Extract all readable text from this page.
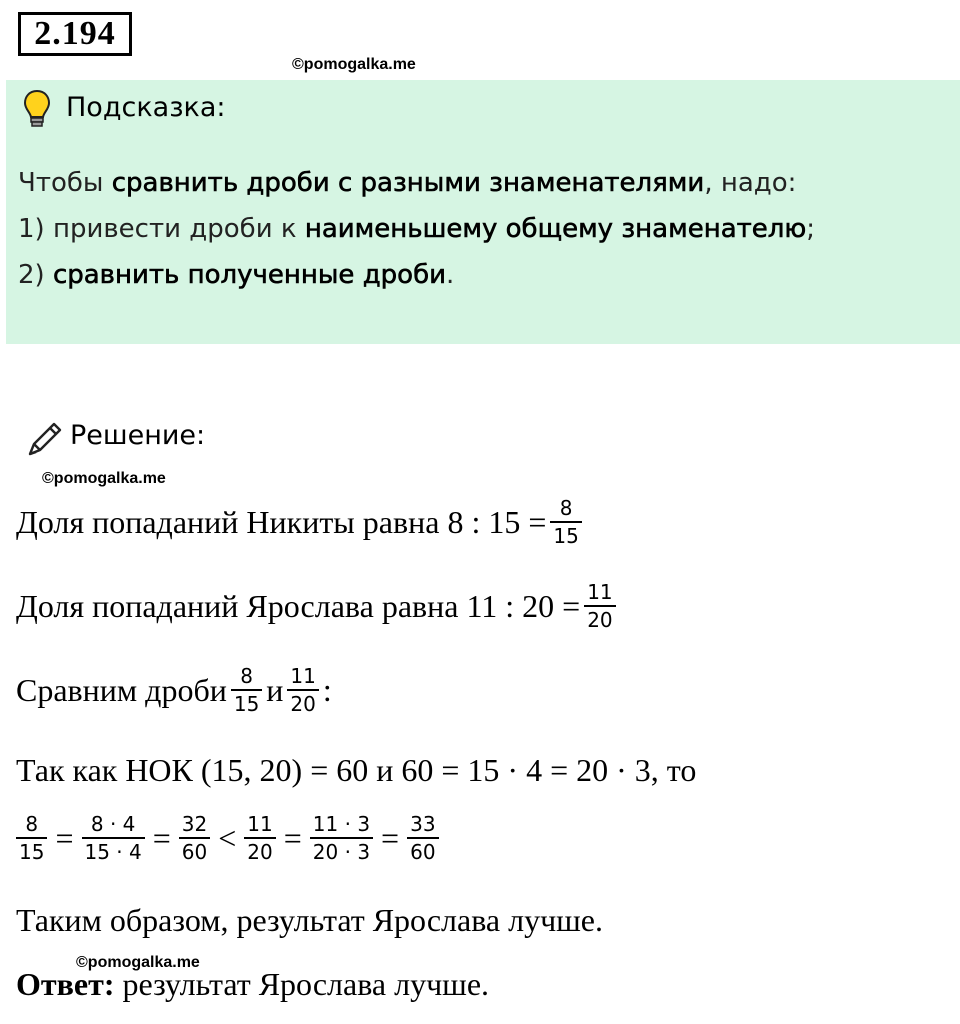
2.194
©pomogalka.me
Подсказка:
Чтобы сравнить дроби с разными знаменателями, надо:
1) привести дроби к наименьшему общему знаменателю;
2) сравнить полученные дроби.
Решение:
©pomogalka.me
Доля попаданий Никиты равна 8 : $15 = \frac{8}{15}$
Доля попаданий Ярослава равна 11 : $20 = \frac{11}{20}$
Сравним дроби $\frac{8}{15}$ и $\frac{11}{20}$ :
Так как НОК (15, 20) = 60 и 60 = 15 · 4 = 20 · 3, то
$\frac{8}{15} = \frac{8 \cdot 4}{15 \cdot 4} = \frac{32}{60} < \frac{11}{20} = \frac{11 \cdot 3}{20 \cdot 3} = \frac{33}{60}$
Таким образом, результат Ярослава лучше.
©pomogalka.me
Ответ: результат Ярослава лучше.
